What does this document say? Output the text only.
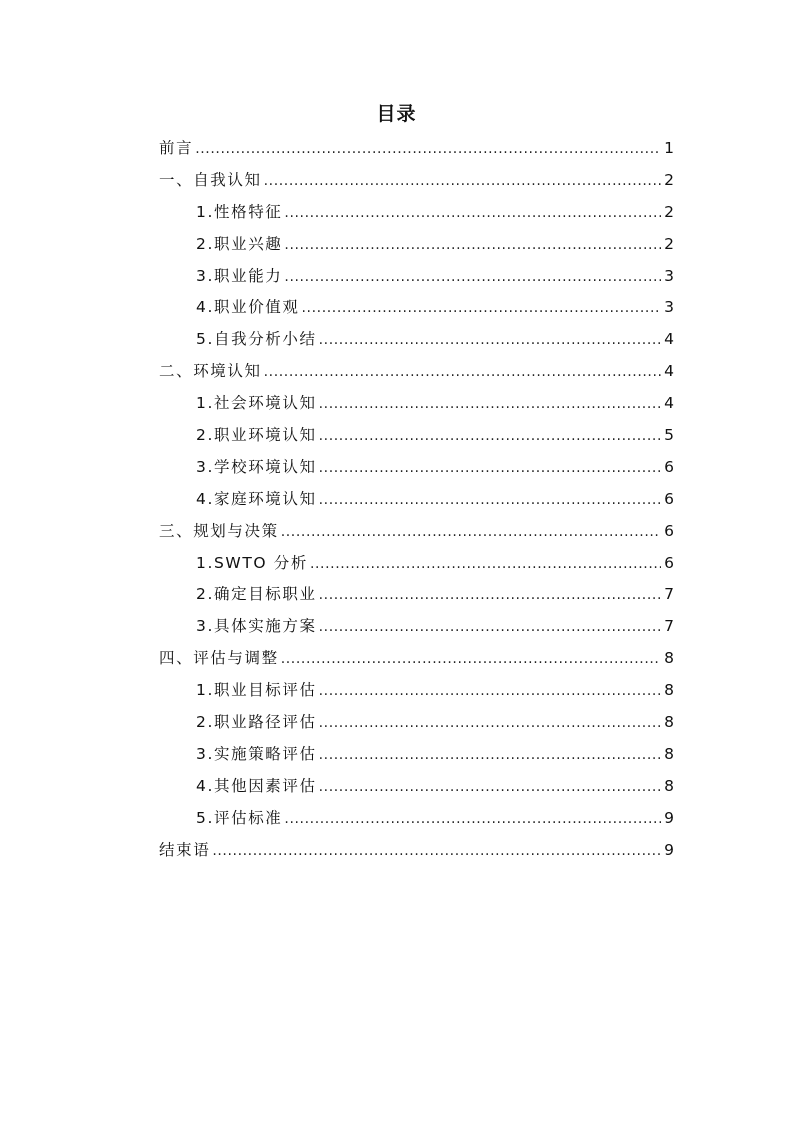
目录
前言 .....	1
一、自我认知 .....	2
1.性格特征 .....	2
2.职业兴趣 .....	2
3.职业能力 .....	3
4.职业价值观 .....	3
5.自我分析小结 .....	4
二、环境认知 .....	4
1.社会环境认知 .....	4
2.职业环境认知 .....	5
3.学校环境认知 .....	6
4.家庭环境认知 .....	6
三、规划与决策 .....	6
1.SWTO 分析 .....	6
2.确定目标职业 .....	7
3.具体实施方案 .....	7
四、评估与调整 .....	8
1.职业目标评估 .....	8
2.职业路径评估 .....	8
3.实施策略评估 .....	8
4.其他因素评估 .....	8
5.评估标准 .....	9
结束语 .....	9
